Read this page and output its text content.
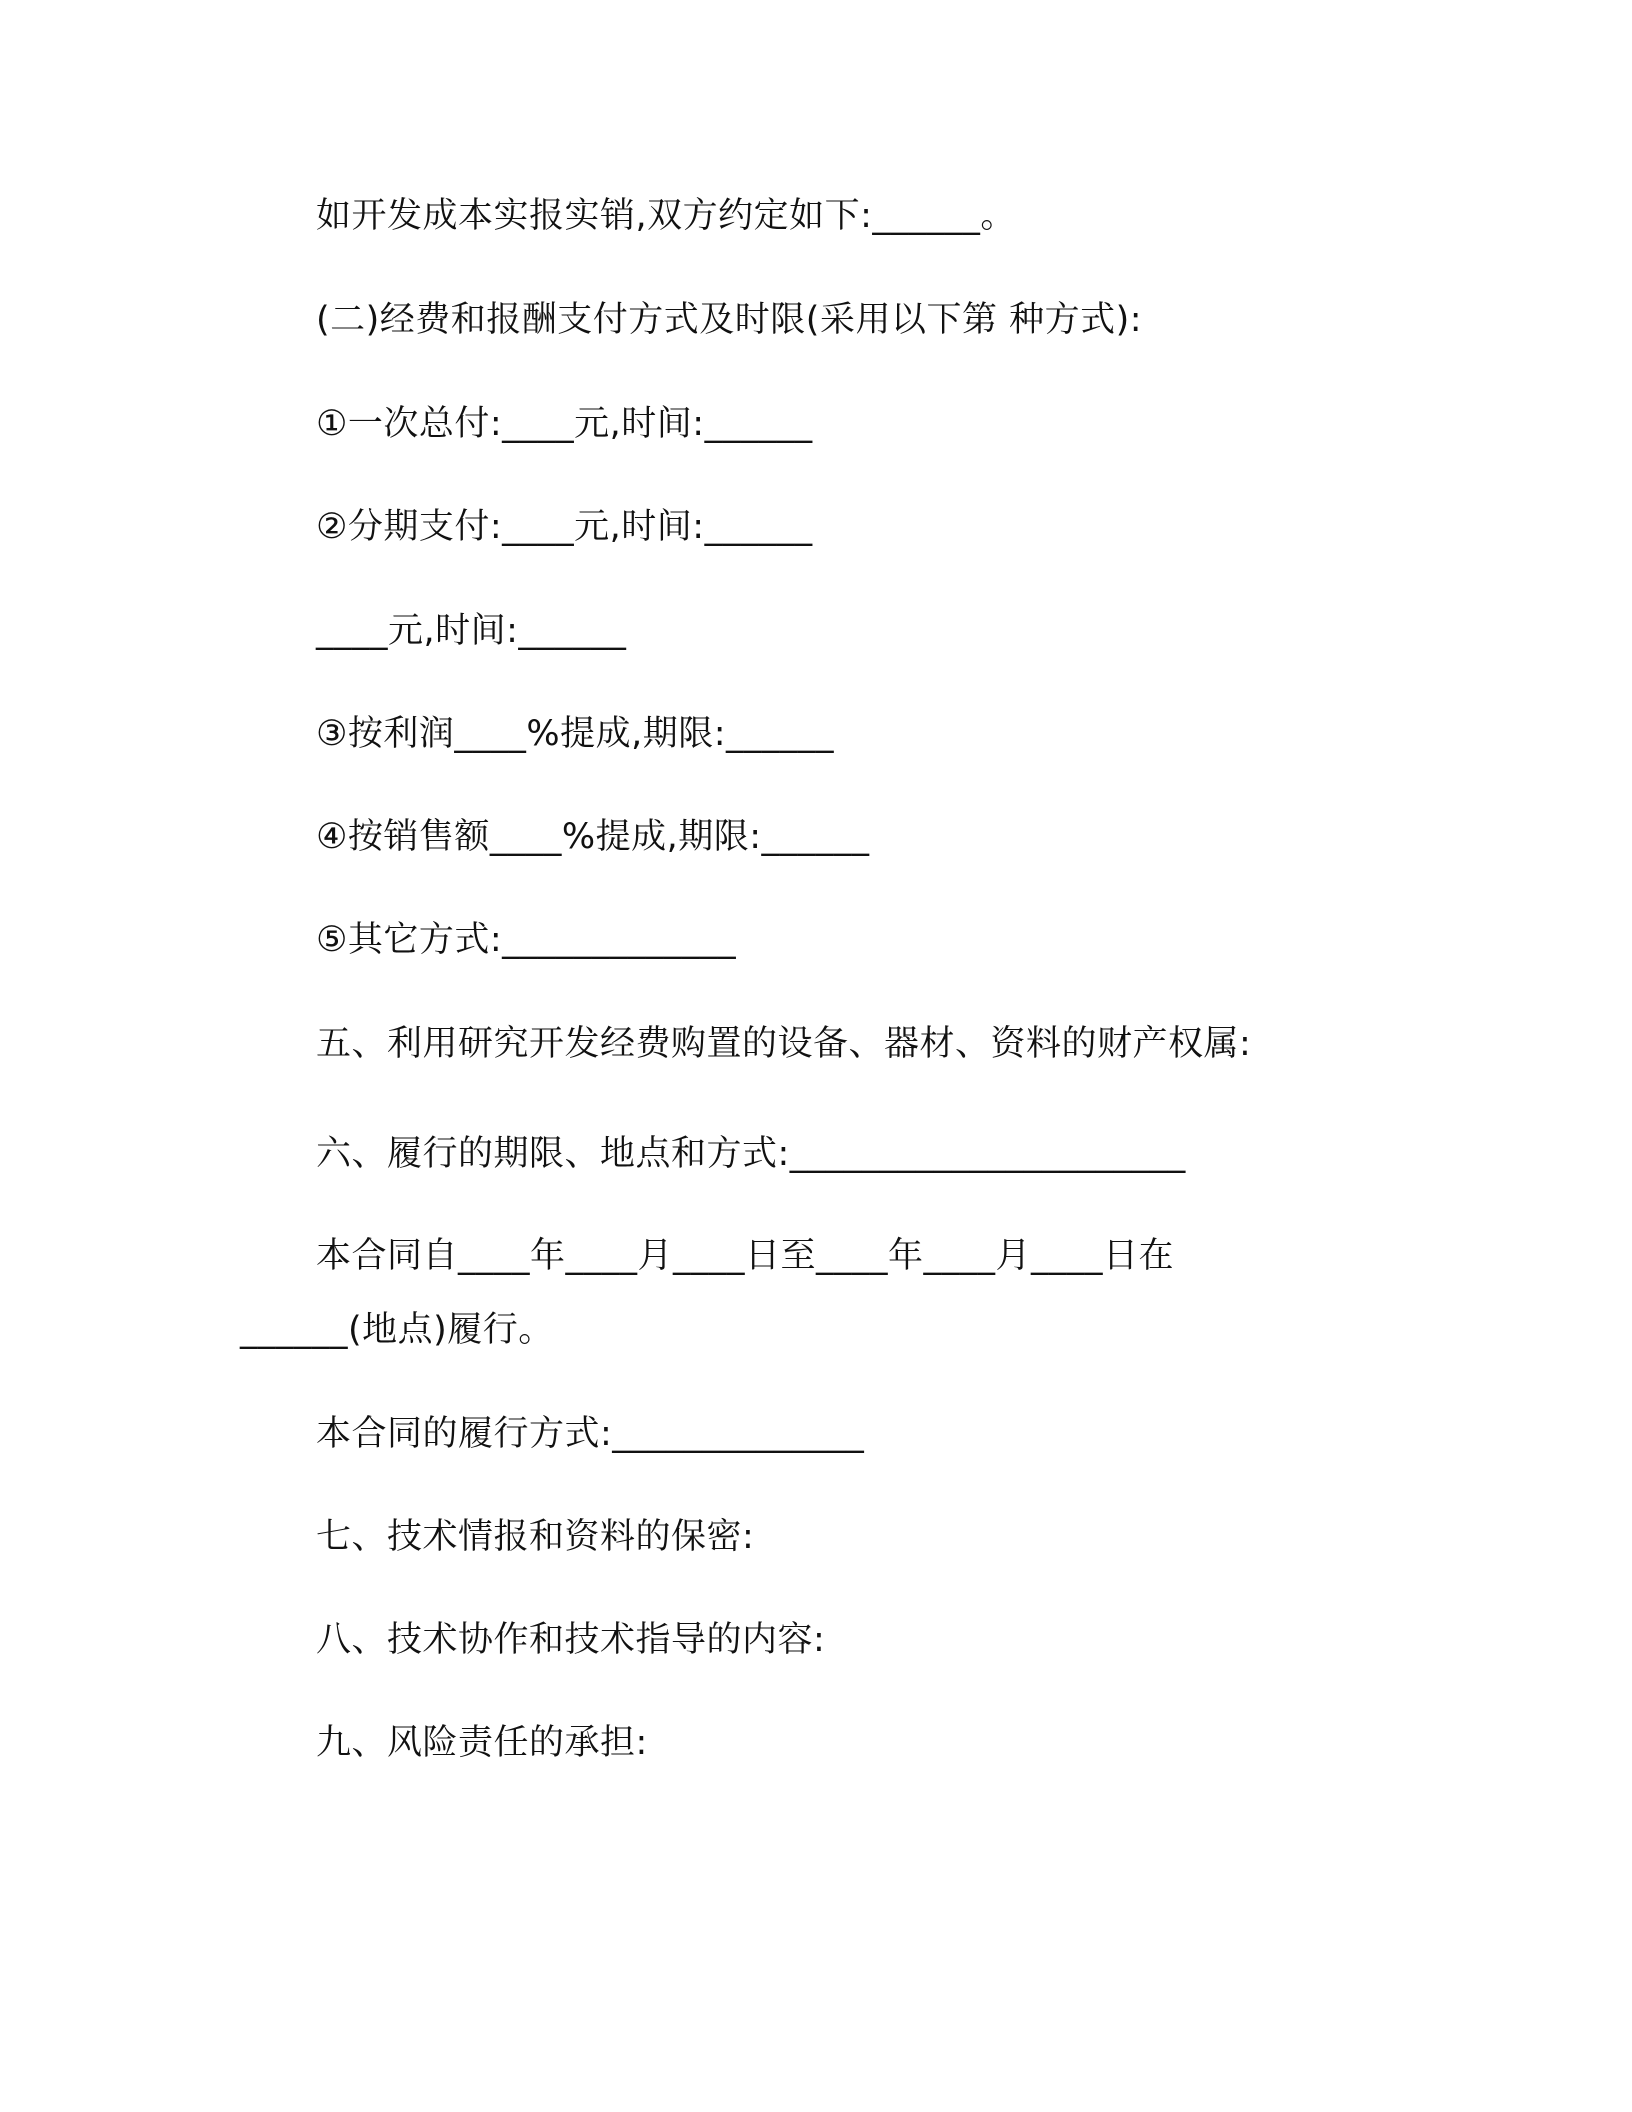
如开发成本实报实销,双方约定如下:______。
(二)经费和报酬支付方式及时限(采用以下第 种方式):
①一次总付:____元,时间:______
②分期支付:____元,时间:______
____元,时间:______
③按利润____%提成,期限:______
④按销售额____%提成,期限:______
⑤其它方式:_____________
五、利用研究开发经费购置的设备、器材、资料的财产权属:
六、履行的期限、地点和方式:______________________
本合同自____年____月____日至____年____月____日在
______(地点)履行。
本合同的履行方式:______________
七、技术情报和资料的保密:
八、技术协作和技术指导的内容:
九、风险责任的承担:
